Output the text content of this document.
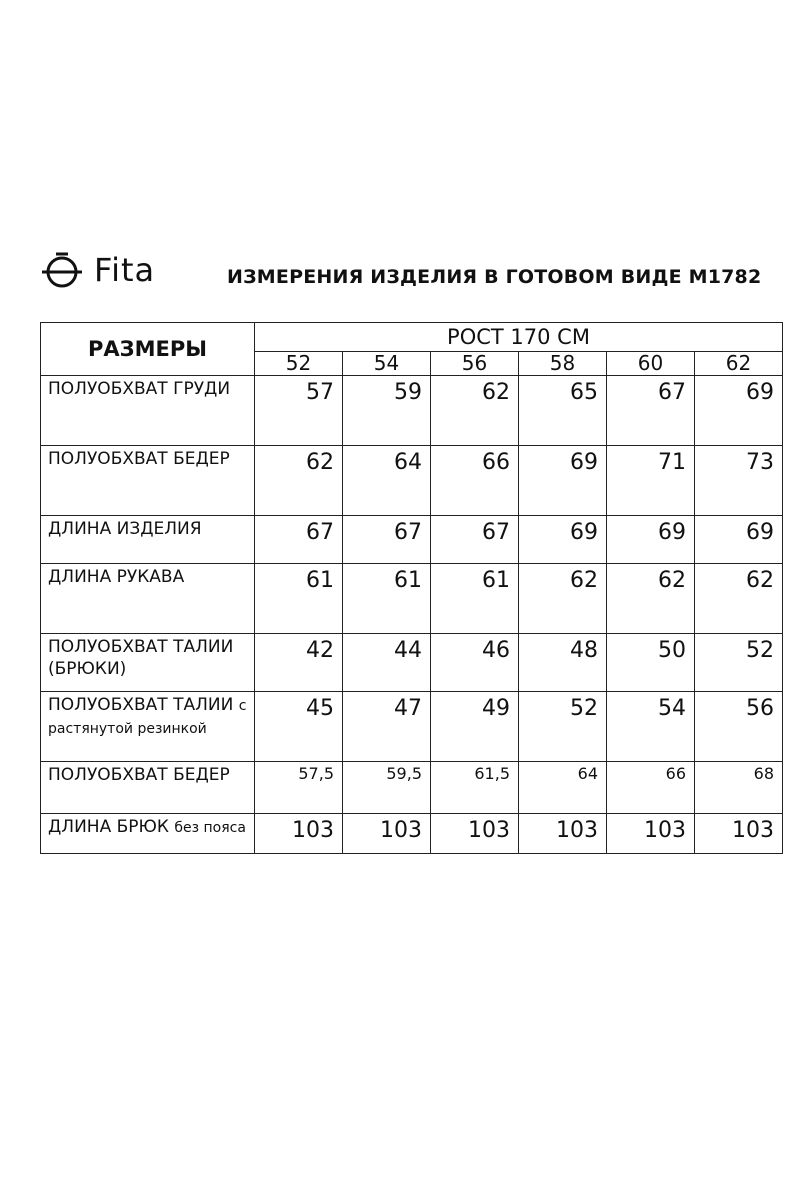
Fita	ИЗМЕРЕНИЯ ИЗДЕЛИЯ В ГОТОВОМ ВИДЕ М1782
РАЗМЕРЫ	РОСТ 170 СМ					
	52	54	56	58	60	62
ПОЛУОБХВАТ ГРУДИ	57	59	62	65	67	69
ПОЛУОБХВАТ БЕДЕР	62	64	66	69	71	73
ДЛИНА ИЗДЕЛИЯ	67	67	67	69	69	69
ДЛИНА РУКАВА	61	61	61	62	62	62
ПОЛУОБХВАТ ТАЛИИ (БРЮКИ)	42	44	46	48	50	52
ПОЛУОБХВАТ ТАЛИИ с растянутой резинкой	45	47	49	52	54	56
ПОЛУОБХВАТ БЕДЕР	57,5	59,5	61,5	64	66	68
ДЛИНА БРЮК без пояса	103	103	103	103	103	103
